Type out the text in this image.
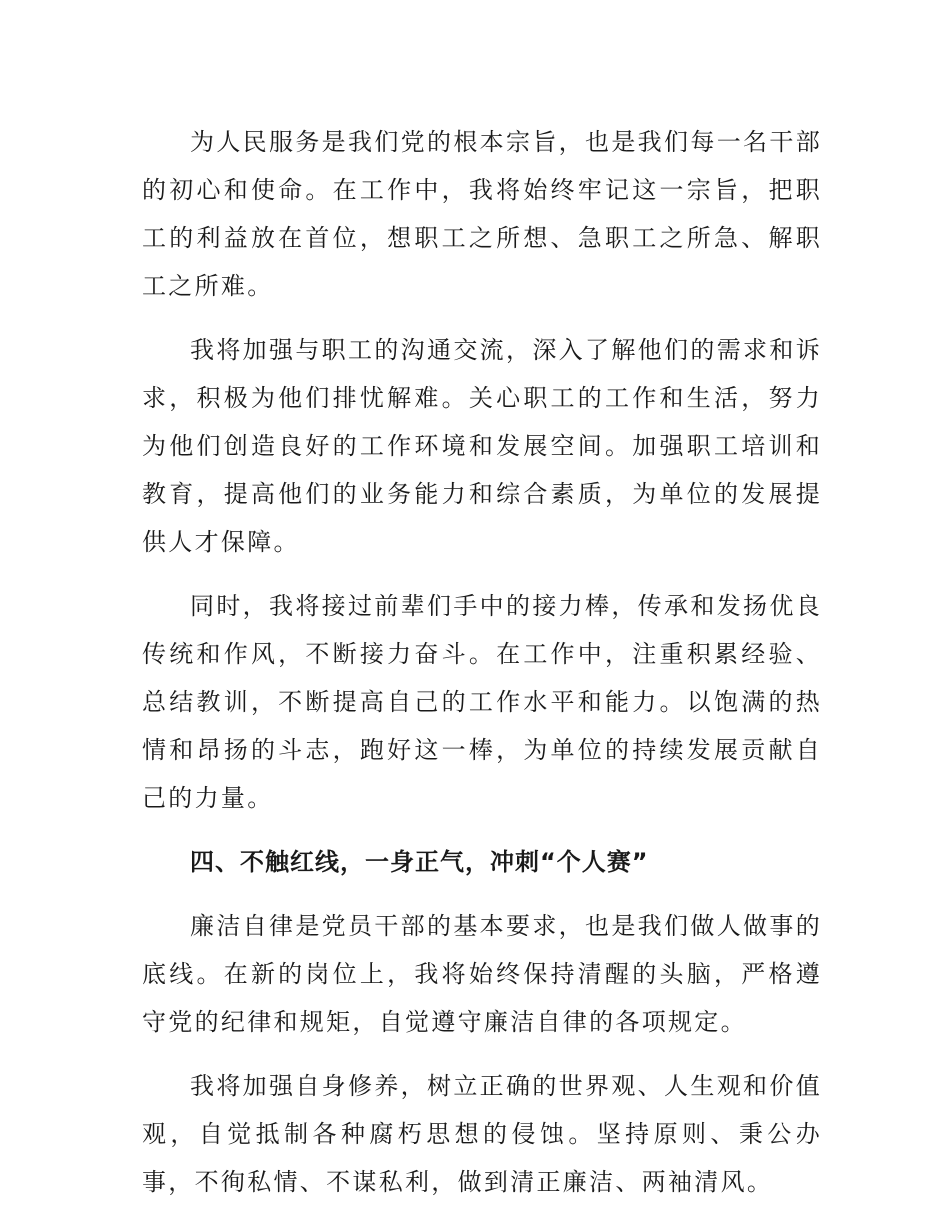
为人民服务是我们党的根本宗旨，也是我们每一名干部的初心和使命。在工作中，我将始终牢记这一宗旨，把职工的利益放在首位，想职工之所想、急职工之所急、解职工之所难。

我将加强与职工的沟通交流，深入了解他们的需求和诉求，积极为他们排忧解难。关心职工的工作和生活，努力为他们创造良好的工作环境和发展空间。加强职工培训和教育，提高他们的业务能力和综合素质，为单位的发展提供人才保障。

同时，我将接过前辈们手中的接力棒，传承和发扬优良传统和作风，不断接力奋斗。在工作中，注重积累经验、总结教训，不断提高自己的工作水平和能力。以饱满的热情和昂扬的斗志，跑好这一棒，为单位的持续发展贡献自己的力量。

四、不触红线，一身正气，冲刺“个人赛”

廉洁自律是党员干部的基本要求，也是我们做人做事的底线。在新的岗位上，我将始终保持清醒的头脑，严格遵守党的纪律和规矩，自觉遵守廉洁自律的各项规定。

我将加强自身修养，树立正确的世界观、人生观和价值观，自觉抵制各种腐朽思想的侵蚀。坚持原则、秉公办事，不徇私情、不谋私利，做到清正廉洁、两袖清风。
